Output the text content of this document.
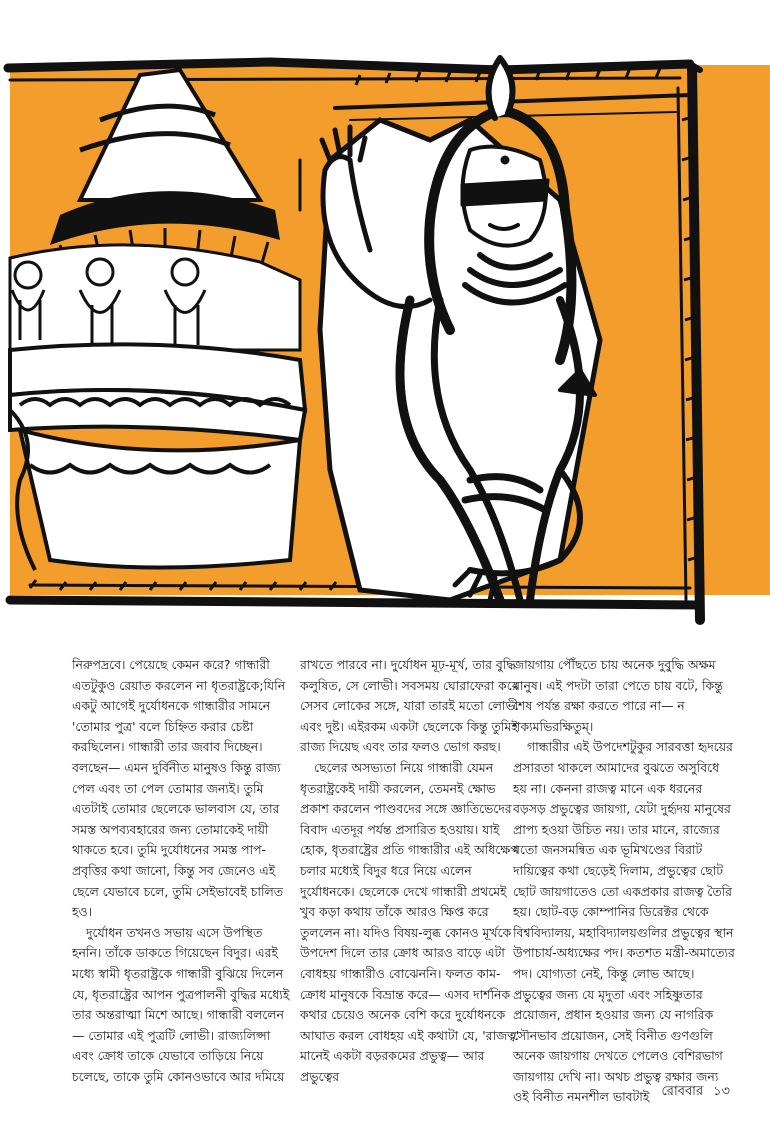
নিরুপদ্রবে। পেয়েছে কেমন করে? গান্ধারী এতটুকুও রেয়াত করলেন না ধৃতরাষ্ট্রকে;যিনি একটু আগেই দুর্যোধনকে গান্ধারীর সামনে 'তোমার পুত্র' বলে চিহ্নিত করার চেষ্টা করছিলেন। গান্ধারী তার জবাব দিচ্ছেন। বলছেন— এমন দুর্বিনীত মানুষও কিন্তু রাজ্য পেল এবং তা পেল তোমার জন্যই। তুমি এতটাই তোমার ছেলেকে ভালবাস যে, তার সমস্ত অপব্যবহারের জন্য তোমাকেই দায়ী থাকতে হবে। তুমি দুর্যোধনের সমস্ত পাপ-প্রবৃত্তির কথা জানো, কিন্তু সব জেনেও এই ছেলে যেভাবে চলে, তুমি সেইভাবেই চালিত হও।

দুর্যোধন তখনও সভায় এসে উপস্থিত হননি। তাঁকে ডাকতে গিয়েছেন বিদুর। এরই মধ্যে স্বামী ধৃতরাষ্ট্রকে গান্ধারী বুঝিয়ে দিলেন যে, ধৃতরাষ্ট্রের আপন পুত্রপালনী বুদ্ধির মধ্যেই তার অন্তরাত্মা মিশে আছে। গান্ধারী বললেন— তোমার এই পুত্রটি লোভী। রাজ্যলিপ্সা এবং ক্রোধ তাকে যেভাবে তাড়িয়ে নিয়ে চলেছে, তাকে তুমি কোনওভাবে আর দমিয়ে

রাখতে পারবে না। দুর্যোধন মূঢ়-মূর্খ, তার বুদ্ধি কলুষিত, সে লোভী। সবসময় ঘোরাফেরা করে সেসব লোকের সঙ্গে, যারা তারই মতো লোভী এবং দুষ্ট। এইরকম একটা ছেলেকে কিন্তু তুমিই রাজ্য দিয়েছ এবং তার ফলও ভোগ করছ।

ছেলের অসভ্যতা নিয়ে গান্ধারী যেমন ধৃতরাষ্ট্রকেই দায়ী করলেন, তেমনই ক্ষোভ প্রকাশ করলেন পাণ্ডবদের সঙ্গে জ্ঞাতিভেদের বিবাদ এতদূর পর্যন্ত প্রসারিত হওয়ায়। যাই হোক, ধৃতরাষ্ট্রের প্রতি গান্ধারীর এই অধিক্ষেপ চলার মধ্যেই বিদুর ধরে নিয়ে এলেন দুর্যোধনকে। ছেলেকে দেখে গান্ধারী প্রথমেই খুব কড়া কথায় তাঁকে আরও ক্ষিপ্ত করে তুললেন না। যদিও বিষয়-লুব্ধ কোনও মূর্খকে উপদেশ দিলে তার ক্রোধ আরও বাড়ে এটা বোধহয় গান্ধারীও বোঝেননি। ফলত কাম-ক্রোধ মানুষকে বিভ্রান্ত করে— এসব দার্শনিক কথার চেয়েও অনেক বেশি করে দুর্যোধনকে আঘাত করল বোধহয় এই কথাটা যে, 'রাজত্ব' মানেই একটা বড়রকমের প্রভুত্ব— আর প্রভুত্বের

জায়গায় পৌঁছতে চায় অনেক দুবুদ্ধি অক্ষম মানুষ। এই পদটা তারা পেতে চায় বটে, কিন্তু শেষ পর্যন্ত রক্ষা করতে পারে না— ন শক্যমভিরক্ষিতুম্।

গান্ধারীর এই উপদেশটুকুর সারবত্তা হৃদয়ের প্রসারতা থাকলে আমাদের বুঝতে অসুবিধে হয় না। কেননা রাজত্ব মানে এক ধরনের বড়সড় প্রভুত্বের জায়গা, যেটা দুর্হৃদয় মানুষের প্রাপ্য হওয়া উচিত নয়। তার মানে, রাজ্যের মতো জনসমন্বিত এক ভূমিখণ্ডের বিরাট দায়িত্বের কথা ছেড়েই দিলাম, প্রভুত্বের ছোট ছোট জায়গাতেও তো একপ্রকার রাজত্ব তৈরি হয়। ছোট-বড় কোম্পানির ডিরেক্টর থেকে বিশ্ববিদ্যালয়, মহাবিদ্যালয়গুলির প্রভুত্বের স্থান উপাচার্য-অধ্যক্ষের পদ। কতশত মন্ত্রী-অমাত্যের পদ। যোগ্যতা নেই, কিন্তু লোভ আছে। প্রভুত্বের জন্য যে মৃদুতা এবং সহিষ্ণুতার প্রয়োজন, প্রধান হওয়ার জন্য যে নাগরিক সৌনভাব প্রয়োজন, সেই বিনীত গুণগুলি অনেক জায়গায় দেখতে পেলেও বেশিরভাগ জায়গায় দেখি না। অথচ প্রভুত্ব রক্ষার জন্য ওই বিনীত নমনশীল ভাবটাই রোববার ১৩
